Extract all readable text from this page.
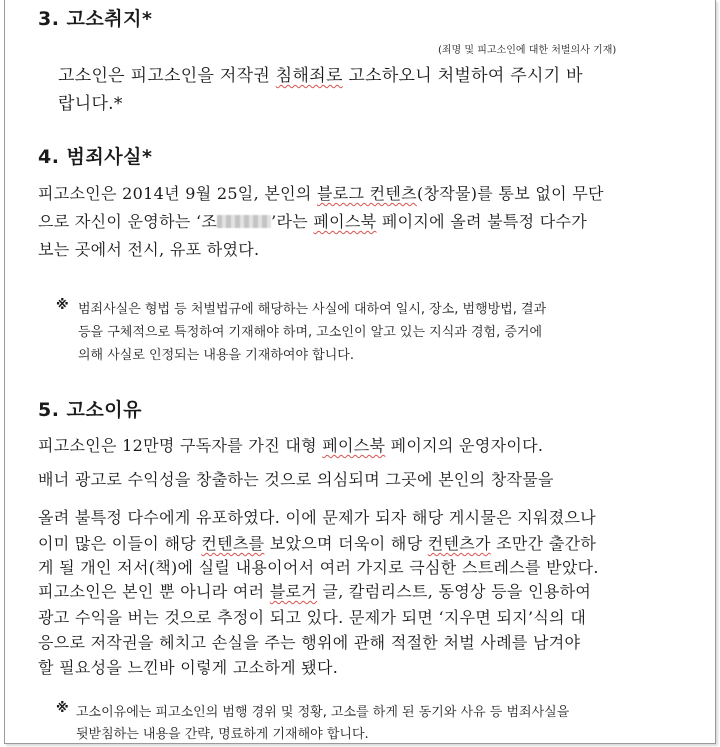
3. 고소취지*
(죄명 및 피고소인에 대한 처벌의사 기재)
고소인은 피고소인을 저작권 침해죄로 고소하오니 처벌하여 주시기 바
랍니다.*
4. 범죄사실*
피고소인은 2014년 9월 25일, 본인의 블로그 컨텐츠(창작물)를 통보 없이 무단
으로 자신이 운영하는 ‘조	’라는 페이스북 페이지에 올려 불특정 다수가
보는 곳에서 전시, 유포 하였다.
※ 범죄사실은 형법 등 처벌법규에 해당하는 사실에 대하여 일시, 장소, 범행방법, 결과
등을 구체적으로 특정하여 기재해야 하며, 고소인이 알고 있는 지식과 경험, 증거에
의해 사실로 인정되는 내용을 기재하여야 합니다.
5. 고소이유
피고소인은 12만명 구독자를 가진 대형 페이스북 페이지의 운영자이다.
배너 광고로 수익성을 창출하는 것으로 의심되며 그곳에 본인의 창작물을
올려 불특정 다수에게 유포하였다. 이에 문제가 되자 해당 게시물은 지워졌으나
이미 많은 이들이 해당 컨텐츠를 보았으며 더욱이 해당 컨텐츠가 조만간 출간하
게 될 개인 저서(책)에 실릴 내용이어서 여러 가지로 극심한 스트레스를 받았다.
피고소인은 본인 뿐 아니라 여러 블로거 글, 칼럼리스트, 동영상 등을 인용하여
광고 수익을 버는 것으로 추정이 되고 있다. 문제가 되면 ‘지우면 되지’식의 대
응으로 저작권을 헤치고 손실을 주는 행위에 관해 적절한 처벌 사례를 남겨야
할 필요성을 느낀바 이렇게 고소하게 됐다.
※ 고소이유에는 피고소인의 범행 경위 및 정황, 고소를 하게 된 동기와 사유 등 범죄사실을
뒷받침하는 내용을 간략, 명료하게 기재해야 합니다.
